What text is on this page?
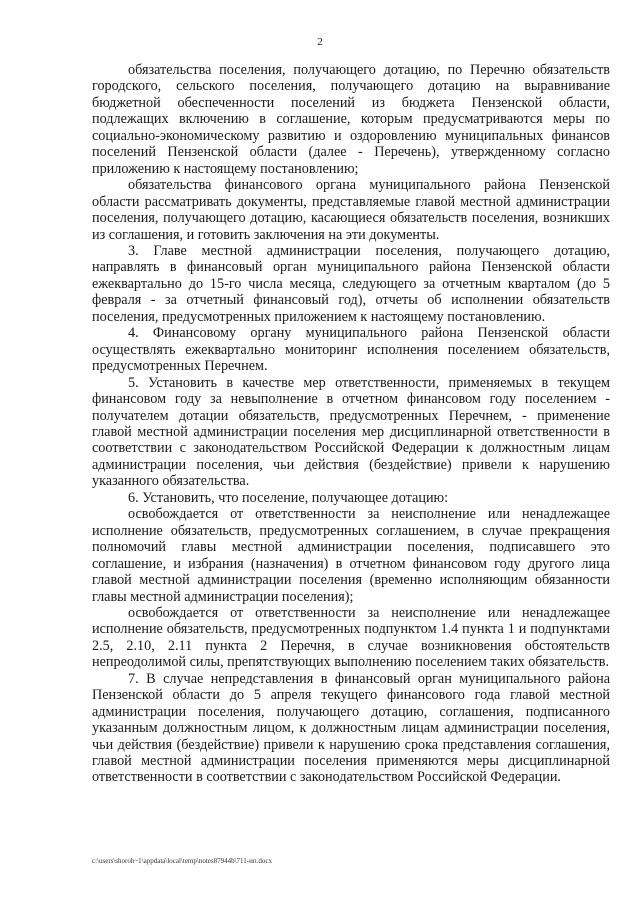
2

обязательства поселения, получающего дотацию, по Перечню обязательств городского, сельского поселения, получающего дотацию на выравнивание бюджетной обеспеченности поселений из бюджета Пензенской области, подлежащих включению в соглашение, которым предусматриваются меры по социально-экономическому развитию и оздоровлению муниципальных финансов поселений Пензенской области (далее - Перечень), утвержденному согласно приложению к настоящему постановлению;

обязательства финансового органа муниципального района Пензенской области рассматривать документы, представляемые главой местной администрации поселения, получающего дотацию, касающиеся обязательств поселения, возникших из соглашения, и готовить заключения на эти документы.

3. Главе местной администрации поселения, получающего дотацию, направлять в финансовый орган муниципального района Пензенской области ежеквартально до 15-го числа месяца, следующего за отчетным кварталом (до 5 февраля - за отчетный финансовый год), отчеты об исполнении обязательств поселения, предусмотренных приложением к настоящему постановлению.

4. Финансовому органу муниципального района Пензенской области осуществлять ежеквартально мониторинг исполнения поселением обязательств, предусмотренных Перечнем.

5. Установить в качестве мер ответственности, применяемых в текущем финансовом году за невыполнение в отчетном финансовом году поселением - получателем дотации обязательств, предусмотренных Перечнем, - применение главой местной администрации поселения мер дисциплинарной ответственности в соответствии с законодательством Российской Федерации к должностным лицам администрации поселения, чьи действия (бездействие) привели к нарушению указанного обязательства.

6. Установить, что поселение, получающее дотацию:

освобождается от ответственности за неисполнение или ненадлежащее исполнение обязательств, предусмотренных соглашением, в случае прекращения полномочий главы местной администрации поселения, подписавшего это соглашение, и избрания (назначения) в отчетном финансовом году другого лица главой местной администрации поселения (временно исполняющим обязанности главы местной администрации поселения);

освобождается от ответственности за неисполнение или ненадлежащее исполнение обязательств, предусмотренных подпунктом 1.4 пункта 1 и подпунктами 2.5, 2.10, 2.11 пункта 2 Перечня, в случае возникновения обстоятельств непреодолимой силы, препятствующих выполнению поселением таких обязательств.

7. В случае непредставления в финансовый орган муниципального района Пензенской области до 5 апреля текущего финансового года главой местной администрации поселения, получающего дотацию, соглашения, подписанного указанным должностным лицом, к должностным лицам администрации поселения, чьи действия (бездействие) привели к нарушению срока представления соглашения, главой местной администрации поселения применяются меры дисциплинарной ответственности в соответствии с законодательством Российской Федерации.

c:\users\shoroh~1\appdata\local\temp\notes87944b\711-ип.docx
